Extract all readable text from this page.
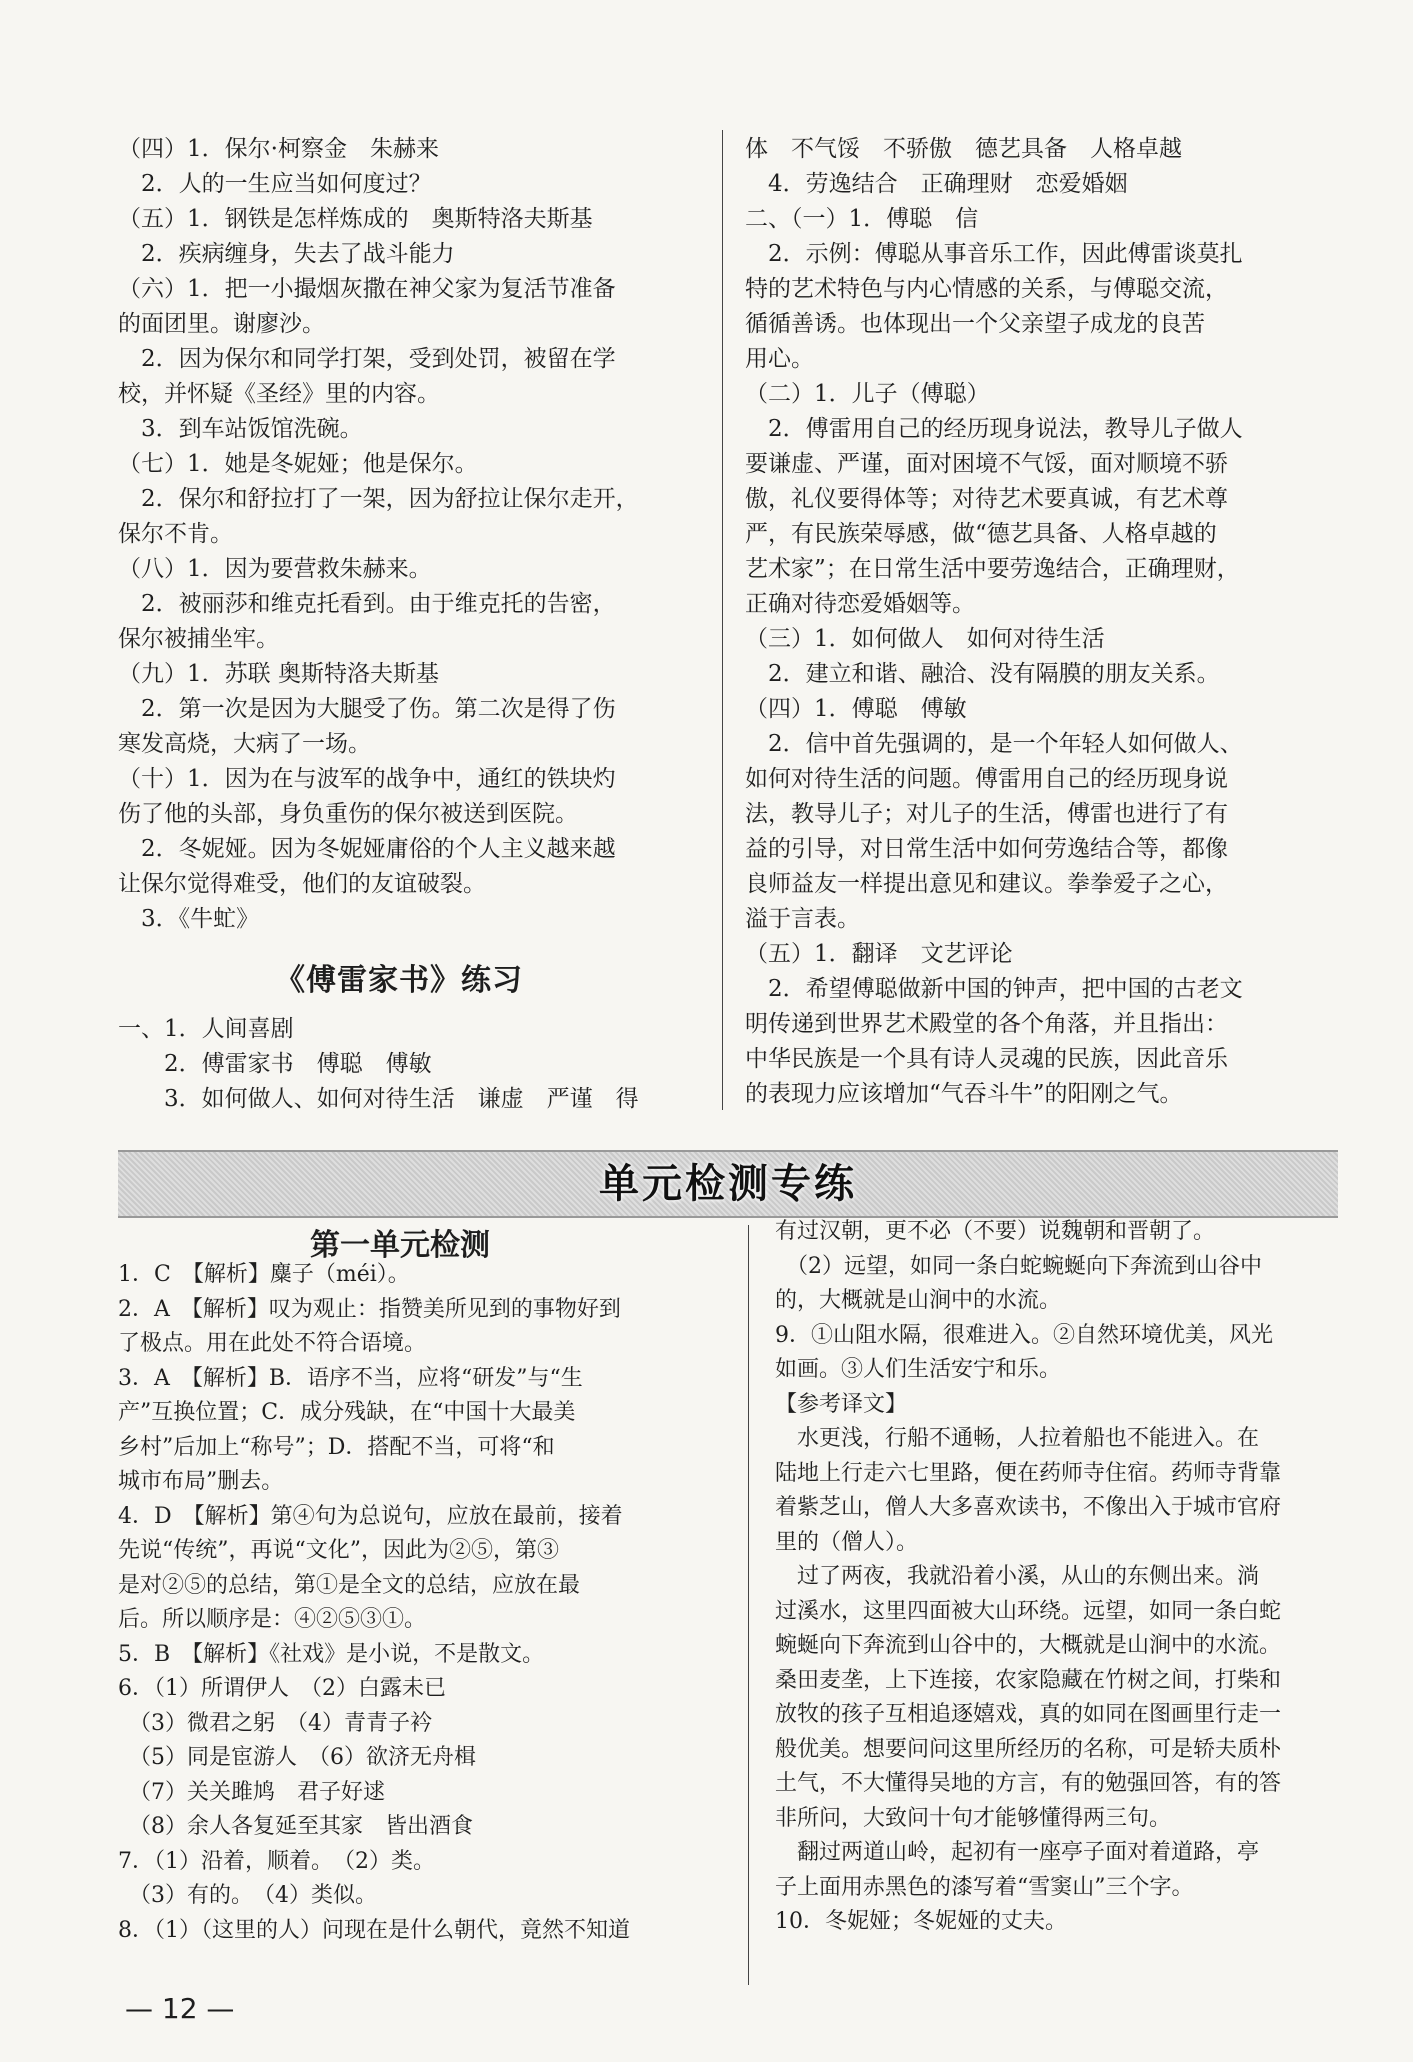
（四）1．保尔·柯察金　朱赫来
　2．人的一生应当如何度过？
（五）1．钢铁是怎样炼成的　奥斯特洛夫斯基
　2．疾病缠身，失去了战斗能力
（六）1．把一小撮烟灰撒在神父家为复活节准备
的面团里。谢廖沙。
　2．因为保尔和同学打架，受到处罚，被留在学
校，并怀疑《圣经》里的内容。
　3．到车站饭馆洗碗。
（七）1．她是冬妮娅；他是保尔。
　2．保尔和舒拉打了一架，因为舒拉让保尔走开，
保尔不肯。
（八）1．因为要营救朱赫来。
　2．被丽莎和维克托看到。由于维克托的告密，
保尔被捕坐牢。
（九）1．苏联 奥斯特洛夫斯基
　2．第一次是因为大腿受了伤。第二次是得了伤
寒发高烧，大病了一场。
（十）1．因为在与波军的战争中，通红的铁块灼
伤了他的头部，身负重伤的保尔被送到医院。
　2．冬妮娅。因为冬妮娅庸俗的个人主义越来越
让保尔觉得难受，他们的友谊破裂。
　3．《牛虻》
体　不气馁　不骄傲　德艺具备　人格卓越
　4．劳逸结合　正确理财　恋爱婚姻
二、（一）1．傅聪　信
　2．示例：傅聪从事音乐工作，因此傅雷谈莫扎
特的艺术特色与内心情感的关系，与傅聪交流，
循循善诱。也体现出一个父亲望子成龙的良苦
用心。
（二）1．儿子（傅聪）
　2．傅雷用自己的经历现身说法，教导儿子做人
要谦虚、严谨，面对困境不气馁，面对顺境不骄
傲，礼仪要得体等；对待艺术要真诚，有艺术尊
严，有民族荣辱感，做“德艺具备、人格卓越的
艺术家”；在日常生活中要劳逸结合，正确理财，
正确对待恋爱婚姻等。
（三）1．如何做人　如何对待生活
　2．建立和谐、融洽、没有隔膜的朋友关系。
（四）1．傅聪　傅敏
　2．信中首先强调的，是一个年轻人如何做人、
如何对待生活的问题。傅雷用自己的经历现身说
法，教导儿子；对儿子的生活，傅雷也进行了有
益的引导，对日常生活中如何劳逸结合等，都像
良师益友一样提出意见和建议。拳拳爱子之心，
溢于言表。
（五）1．翻译　文艺评论
　2．希望傅聪做新中国的钟声，把中国的古老文
明传递到世界艺术殿堂的各个角落，并且指出：
中华民族是一个具有诗人灵魂的民族，因此音乐
的表现力应该增加“气吞斗牛”的阳刚之气。
《傅雷家书》练习
一、1．人间喜剧
　　2．傅雷家书　傅聪　傅敏
　　3．如何做人、如何对待生活　谦虚　严谨　得
单元检测专练
第一单元检测
1．C　【解析】麋子（méi）。
2．A　【解析】叹为观止：指赞美所见到的事物好到
了极点。用在此处不符合语境。
3．A　【解析】B．语序不当，应将“研发”与“生
产”互换位置；C．成分残缺，在“中国十大最美
乡村”后加上“称号”；D．搭配不当，可将“和
城市布局”删去。
4．D　【解析】第④句为总说句，应放在最前，接着
先说“传统”，再说“文化”，因此为②⑤，第③
是对②⑤的总结，第①是全文的总结，应放在最
后。所以顺序是：④②⑤③①。
5．B　【解析】《社戏》是小说，不是散文。
6．（1）所谓伊人　（2）白露未已
　（3）微君之躬　（4）青青子衿
　（5）同是宦游人　（6）欲济无舟楫
　（7）关关雎鸠　君子好逑
　（8）余人各复延至其家　皆出酒食
7．（1）沿着，顺着。　（2）类。
　（3）有的。　（4）类似。
8．（1）（这里的人）问现在是什么朝代，竟然不知道
有过汉朝，更不必（不要）说魏朝和晋朝了。
　（2）远望，如同一条白蛇蜿蜒向下奔流到山谷中
的，大概就是山涧中的水流。
9．①山阻水隔，很难进入。②自然环境优美，风光
如画。③人们生活安宁和乐。
【参考译文】
　水更浅，行船不通畅，人拉着船也不能进入。在
陆地上行走六七里路，便在药师寺住宿。药师寺背靠
着紫芝山，僧人大多喜欢读书，不像出入于城市官府
里的（僧人）。
　过了两夜，我就沿着小溪，从山的东侧出来。淌
过溪水，这里四面被大山环绕。远望，如同一条白蛇
蜿蜒向下奔流到山谷中的，大概就是山涧中的水流。
桑田麦垄，上下连接，农家隐藏在竹树之间，打柴和
放牧的孩子互相追逐嬉戏，真的如同在图画里行走一
般优美。想要问问这里所经历的名称，可是轿夫质朴
土气，不大懂得吴地的方言，有的勉强回答，有的答
非所问，大致问十句才能够懂得两三句。
　翻过两道山岭，起初有一座亭子面对着道路，亭
子上面用赤黑色的漆写着“雪窦山”三个字。
10．冬妮娅；冬妮娅的丈夫。
— 12 —
